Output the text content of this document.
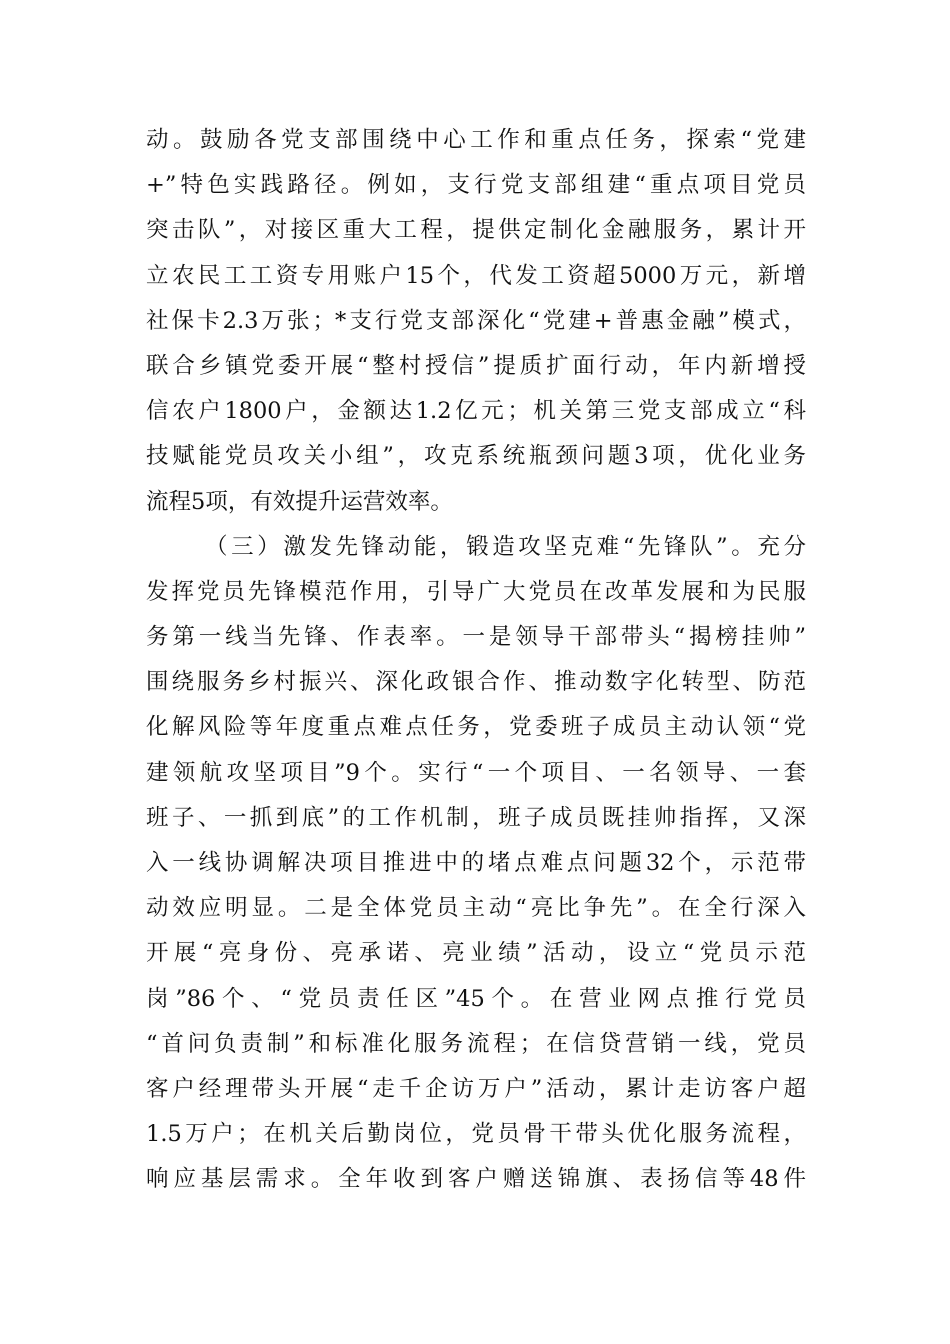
动。鼓励各党支部围绕中心工作和重点任务，探索“党建
+”特色实践路径。例如，支行党支部组建“重点项目党员
突击队”，对接区重大工程，提供定制化金融服务，累计开
立农民工工资专用账户15个，代发工资超5000万元，新增
社保卡2.3万张；*支行党支部深化“党建+普惠金融”模式，
联合乡镇党委开展“整村授信”提质扩面行动，年内新增授
信农户1800户，金额达1.2亿元；机关第三党支部成立“科
技赋能党员攻关小组”，攻克系统瓶颈问题3项，优化业务
流程5项，有效提升运营效率。
（三）激发先锋动能，锻造攻坚克难“先锋队”。充分
发挥党员先锋模范作用，引导广大党员在改革发展和为民服
务第一线当先锋、作表率。一是领导干部带头“揭榜挂帅”
围绕服务乡村振兴、深化政银合作、推动数字化转型、防范
化解风险等年度重点难点任务，党委班子成员主动认领“党
建领航攻坚项目”9个。实行“一个项目、一名领导、一套
班子、一抓到底”的工作机制，班子成员既挂帅指挥，又深
入一线协调解决项目推进中的堵点难点问题32个，示范带
动效应明显。二是全体党员主动“亮比争先”。在全行深入
开展“亮身份、亮承诺、亮业绩”活动，设立“党员示范
岗”86个、“党员责任区”45个。在营业网点推行党员
“首问负责制”和标准化服务流程；在信贷营销一线，党员
客户经理带头开展“走千企访万户”活动，累计走访客户超
1.5万户；在机关后勤岗位，党员骨干带头优化服务流程，
响应基层需求。全年收到客户赠送锦旗、表扬信等48件
